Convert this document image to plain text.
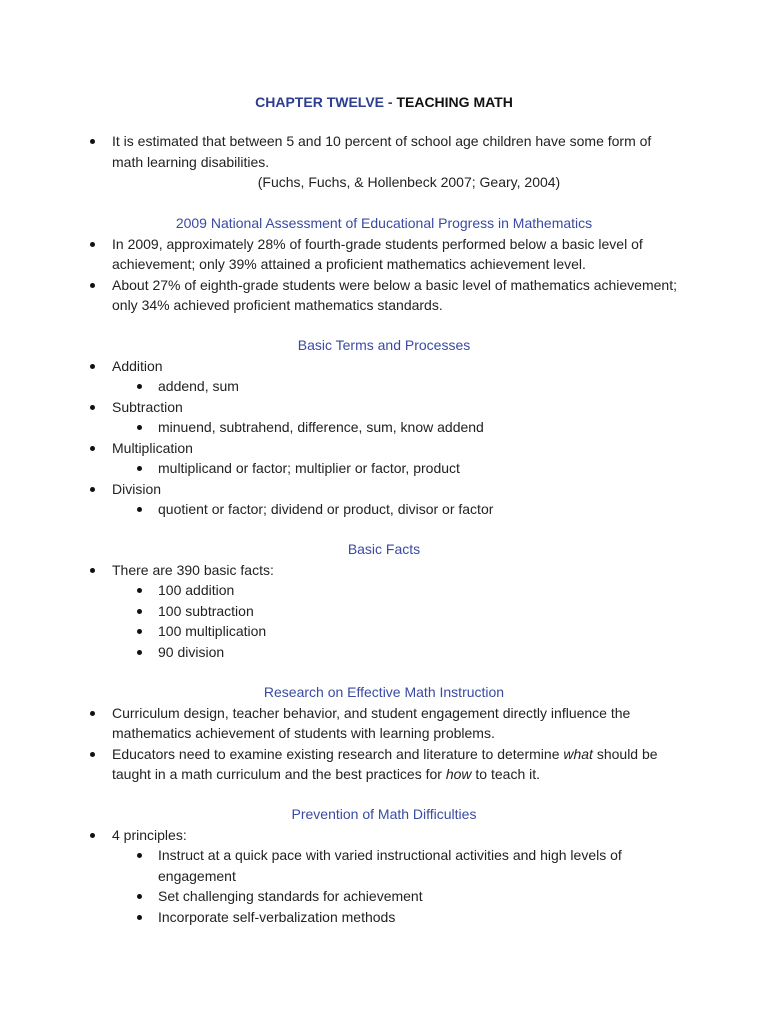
CHAPTER TWELVE - TEACHING MATH
It is estimated that between 5 and 10 percent of school age children have some form of math learning disabilities.
(Fuchs, Fuchs, & Hollenbeck 2007; Geary, 2004)
2009 National Assessment of Educational Progress in Mathematics
In 2009, approximately 28% of fourth-grade students performed below a basic level of achievement; only 39% attained a proficient mathematics achievement level.
About 27% of eighth-grade students were below a basic level of mathematics achievement; only 34% achieved proficient mathematics standards.
Basic Terms and Processes
Addition
addend, sum
Subtraction
minuend, subtrahend, difference, sum, know addend
Multiplication
multiplicand or factor; multiplier or factor, product
Division
quotient or factor; dividend or product, divisor or factor
Basic Facts
There are 390 basic facts:
100 addition
100 subtraction
100 multiplication
90 division
Research on Effective Math Instruction
Curriculum design, teacher behavior, and student engagement directly influence the mathematics achievement of students with learning problems.
Educators need to examine existing research and literature to determine what should be taught in a math curriculum and the best practices for how to teach it.
Prevention of Math Difficulties
4 principles:
Instruct at a quick pace with varied instructional activities and high levels of engagement
Set challenging standards for achievement
Incorporate self-verbalization methods
